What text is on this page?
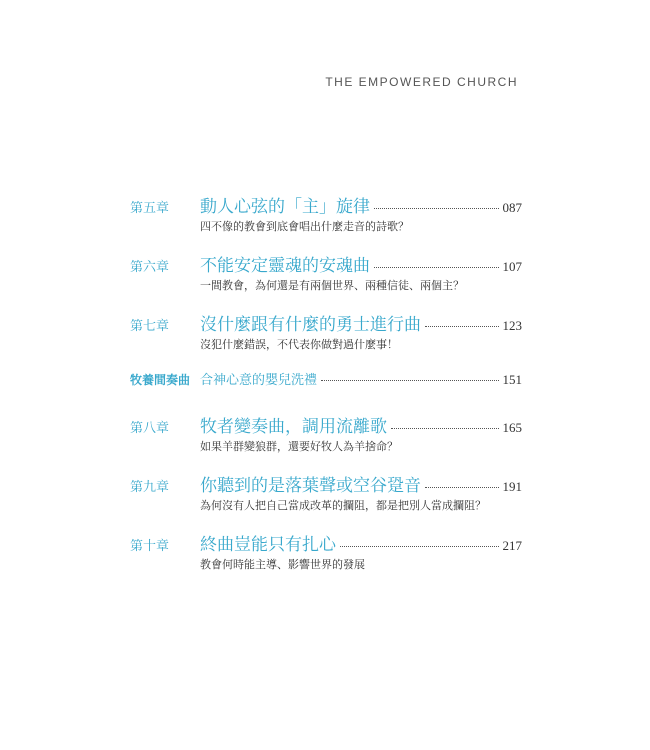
THE EMPOWERED CHURCH
第五章	動人心弦的「主」旋律	087
四不像的教會到底會唱出什麼走音的詩歌？
第六章	不能安定靈魂的安魂曲	107
一間教會，為何還是有兩個世界、兩種信徒、兩個主？
第七章	沒什麼跟有什麼的勇士進行曲	123
沒犯什麼錯誤，不代表你做對過什麼事！
牧養間奏曲 合神心意的嬰兒洗禮	151
第八章	牧者變奏曲，調用流離歌	165
如果羊群變狼群，還要好牧人為羊捨命？
第九章	你聽到的是落葉聲或空谷跫音	191
為何沒有人把自己當成改革的攔阻，都是把別人當成攔阻？
第十章	終曲豈能只有扎心	217
教會何時能主導、影響世界的發展
